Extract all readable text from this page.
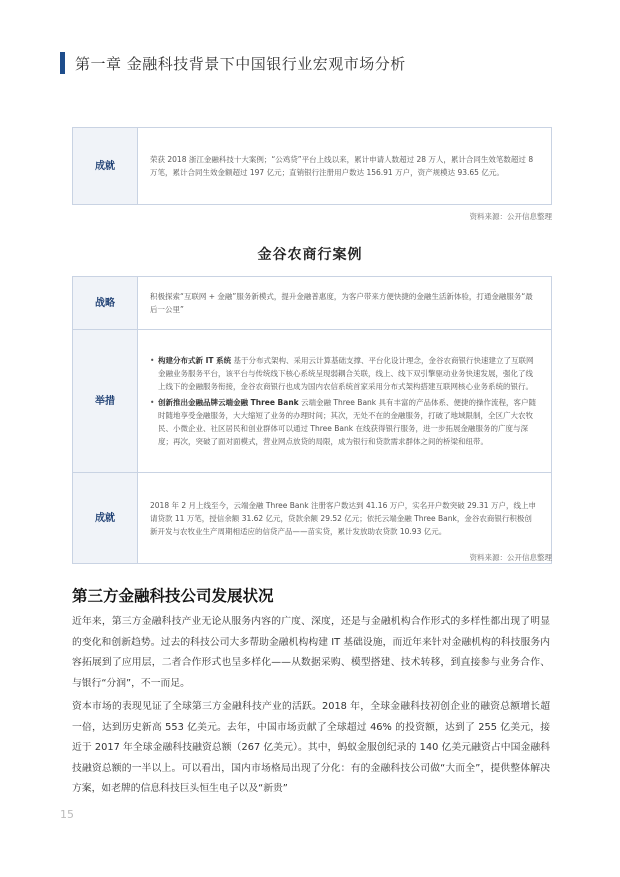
第一章 金融科技背景下中国银行业宏观市场分析
成就	荣获 2018 浙江金融科技十大案例；“公鸡贷”平台上线以来，累计申请人数超过 28 万人，累计合同生效笔数超过 8 万笔，累计合同生效金额超过 197 亿元；直销银行注册用户数达 156.91 万户，资产规模达 93.65 亿元。
资料来源：公开信息整理
金谷农商行案例
战略	积极探索“互联网 + 金融”服务新模式，提升金融普惠度，为客户带来方便快捷的金融生活新体验，打通金融服务“最后一公里”
举措	• 构建分布式新 IT 系统 基于分布式架构、采用云计算基础支撑、平台化设计理念，金谷农商银行快速建立了互联网金融业务服务平台，该平台与传统线下核心系统呈现弱耦合关联，线上、线下双引擎驱动业务快速发展，强化了线上线下的金融服务衔接，金谷农商银行也成为国内农信系统首家采用分布式架构搭建互联网核心业务系统的银行。
• 创新推出金融品牌云端金融 Three Bank 云端金融 Three Bank 具有丰富的产品体系、便捷的操作流程，客户随时随地享受金融服务，大大缩短了业务的办理时间；其次，无处不在的金融服务，打破了地域限制，全区广大农牧民、小微企业、社区居民和创业群体可以通过 Three Bank 在线获得银行服务，进一步拓展金融服务的广度与深度；再次，突破了面对面模式，营业网点放贷的局限，成为银行和贷款需求群体之间的桥梁和纽带。

成就	2018 年 2 月上线至今，云端金融 Three Bank 注册客户数达到 41.16 万户，实名开户数突破 29.31 万户，线上申请贷款 11 万笔，授信余额 31.62 亿元，贷款余额 29.52 亿元；依托云端金融 Three Bank，金谷农商银行积极创新开发与农牧业生产周期相适应的信贷产品——苗实贷，累计发放助农贷款 10.93 亿元。
资料来源：公开信息整理
第三方金融科技公司发展状况

近年来，第三方金融科技产业无论从服务内容的广度、深度，还是与金融机构合作形式的多样性都出现了明显的变化和创新趋势。过去的科技公司大多帮助金融机构构建 IT 基础设施，而近年来针对金融机构的科技服务内容拓展到了应用层，二者合作形式也呈多样化——从数据采购、模型搭建、技术转移，到直接参与业务合作、与银行“分润”，不一而足。

资本市场的表现见证了全球第三方金融科技产业的活跃。2018 年，全球金融科技初创企业的融资总额增长超一倍，达到历史新高 553 亿美元。去年，中国市场贡献了全球超过 46% 的投资额，达到了 255 亿美元，接近于 2017 年全球金融科技融资总额（267 亿美元）。其中，蚂蚁金服创纪录的 140 亿美元融资占中国金融科技融资总额的一半以上。可以看出，国内市场格局出现了分化：有的金融科技公司做“大而全”，提供整体解决方案，如老牌的信息科技巨头恒生电子以及“新贵”

15
